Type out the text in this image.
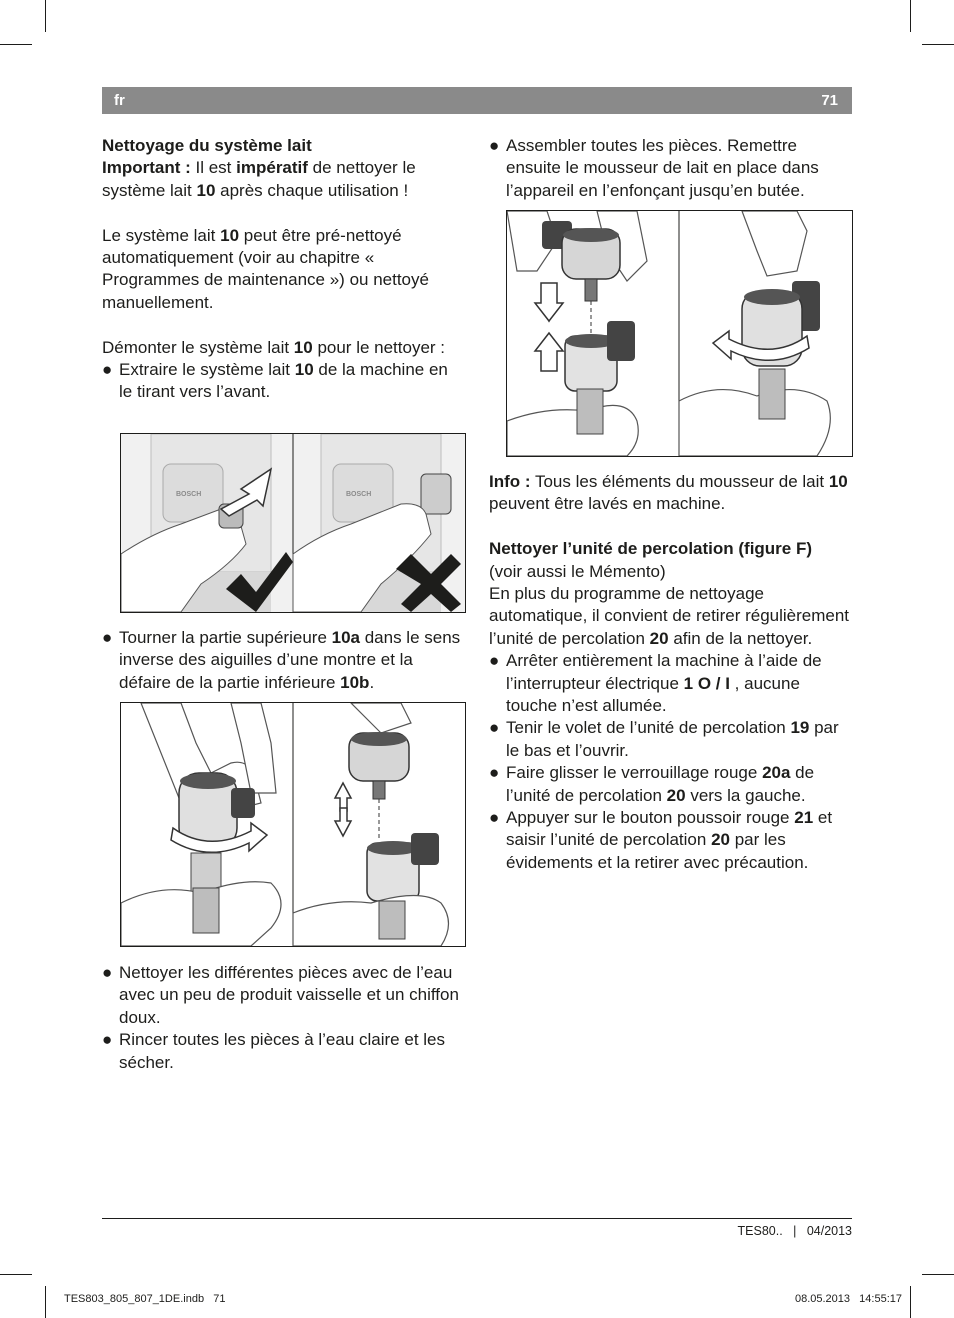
fr	71

Nettoyage du système lait

Important : Il est impératif de nettoyer le système lait 10 après chaque utilisation !

Le système lait 10 peut être pré-nettoyé automatiquement (voir au chapitre « Programmes de maintenance ») ou nettoyé manuellement.

Démonter le système lait 10 pour le nettoyer :

● Extraire le système lait 10 de la machine en le tirant vers l’avant.

BOSCH	BOSCH

● Tourner la partie supérieure 10a dans le sens inverse des aiguilles d’une montre et la défaire de la partie inférieure 10b.

● Nettoyer les différentes pièces avec de l’eau avec un peu de produit vaisselle et un chiffon doux.

● Rincer toutes les pièces à l’eau claire et les sécher.

● Assembler toutes les pièces. Remettre ensuite le mousseur de lait en place dans l’appareil en l’enfonçant jusqu’en butée.

Info : Tous les éléments du mousseur de lait 10 peuvent être lavés en machine.

Nettoyer l’unité de percolation (figure F)

(voir aussi le Mémento)

En plus du programme de nettoyage automatique, il convient de retirer régulièrement l’unité de percolation 20 afin de la nettoyer.

● Arrêter entièrement la machine à l’aide de l’interrupteur électrique 1 O / I , aucune touche n’est allumée.

● Tenir le volet de l’unité de percolation 19 par le bas et l’ouvrir.

● Faire glisser le verrouillage rouge 20a de l’unité de percolation 20 vers la gauche.

● Appuyer sur le bouton poussoir rouge 21 et saisir l’unité de percolation 20 par les évidements et la retirer avec précaution.

TES80.. | 04/2013
TES803_805_807_1DE.indb   71	08.05.2013   14:55:17
